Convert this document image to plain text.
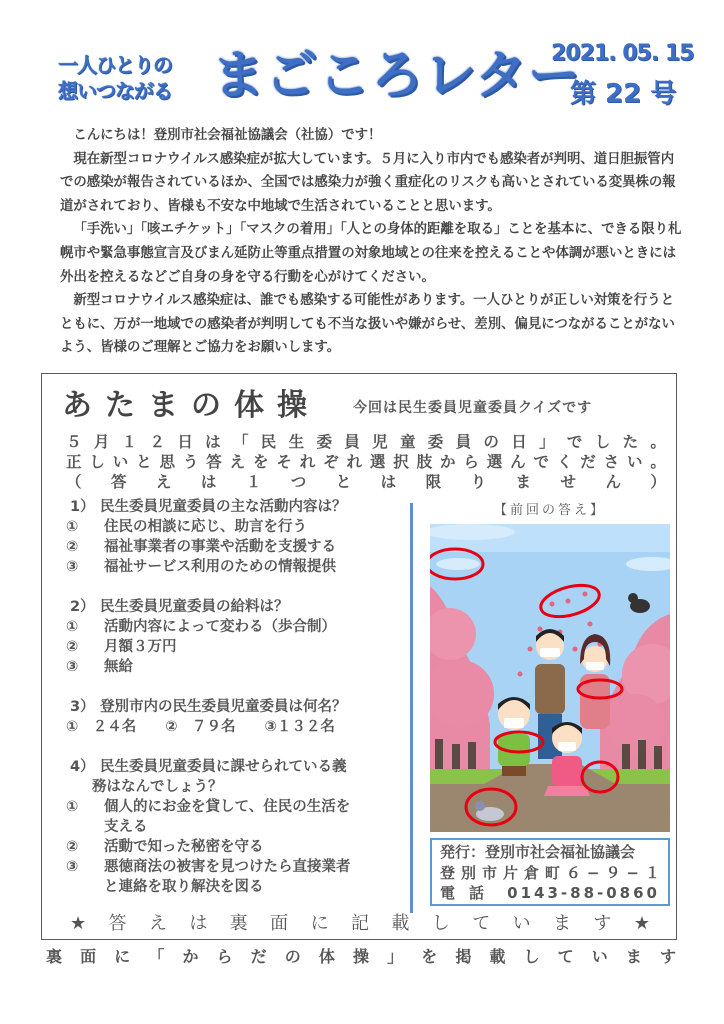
一人ひとりの
想いつながる まごころレター
2021. 05. 15
第 22 号

こんにちは！登別市社会福祉協議会（社協）です！

現在新型コロナウイルス感染症が拡大しています。５月に入り市内でも感染者が判明、道日胆振管内での感染が報告されているほか、全国では感染力が強く重症化のリスクも高いとされている変異株の報道がされており、皆様も不安な中地域で生活されていることと思います。

「手洗い」「咳エチケット」「マスクの着用」「人との身体的距離を取る」ことを基本に、できる限り札幌市や緊急事態宣言及びまん延防止等重点措置の対象地域との往来を控えることや体調が悪いときには外出を控えるなどご自身の身を守る行動を心がけてください。

新型コロナウイルス感染症は、誰でも感染する可能性があります。一人ひとりが正しい対策を行うとともに、万が一地域での感染者が判明しても不当な扱いや嫌がらせ、差別、偏見につながることがないよう、皆様のご理解とご協力をお願いします。

あたまの体操 今回は民生委員児童委員クイズです
５ 月 １ ２ 日 は 「 民 生 委 員 児 童 委 員 の 日 」 で し た 。
正 し い と 思 う 答 え を そ れ ぞ れ 選 択 肢 か ら 選 ん で く だ さ い 。
（ 答 え は １ つ と は 限 り ま せ ん ）
1） 民生委員児童委員の主な活動内容は？
①	住民の相談に応じ、助言を行う
②	福祉事業者の事業や活動を支援する
③	福祉サービス利用のための情報提供
2） 民生委員児童委員の給料は？
①	活動内容によって変わる（歩合制）
②	月額３万円
③	無給
3） 登別市内の民生委員児童委員は何名？
①　２４名　　②　７９名　　③１３２名
4） 民生委員児童委員に課せられている義
務はなんでしょう？
①	個人的にお金を貸して、住民の生活を支える
②	活動で知った秘密を守る
③	悪徳商法の被害を見つけたら直接業者と連絡を取り解決を図る
【前回の答え】
発行：登別市社会福祉協議会
登 別 市 片 倉 町 ６ − ９ − １
電 話 0143-88-0860
★ 答 え は 裏 面 に 記 載 し て い ま す ★
裏 面 に 「 か ら だ の 体 操 」 を 掲 載 し て い ま す
